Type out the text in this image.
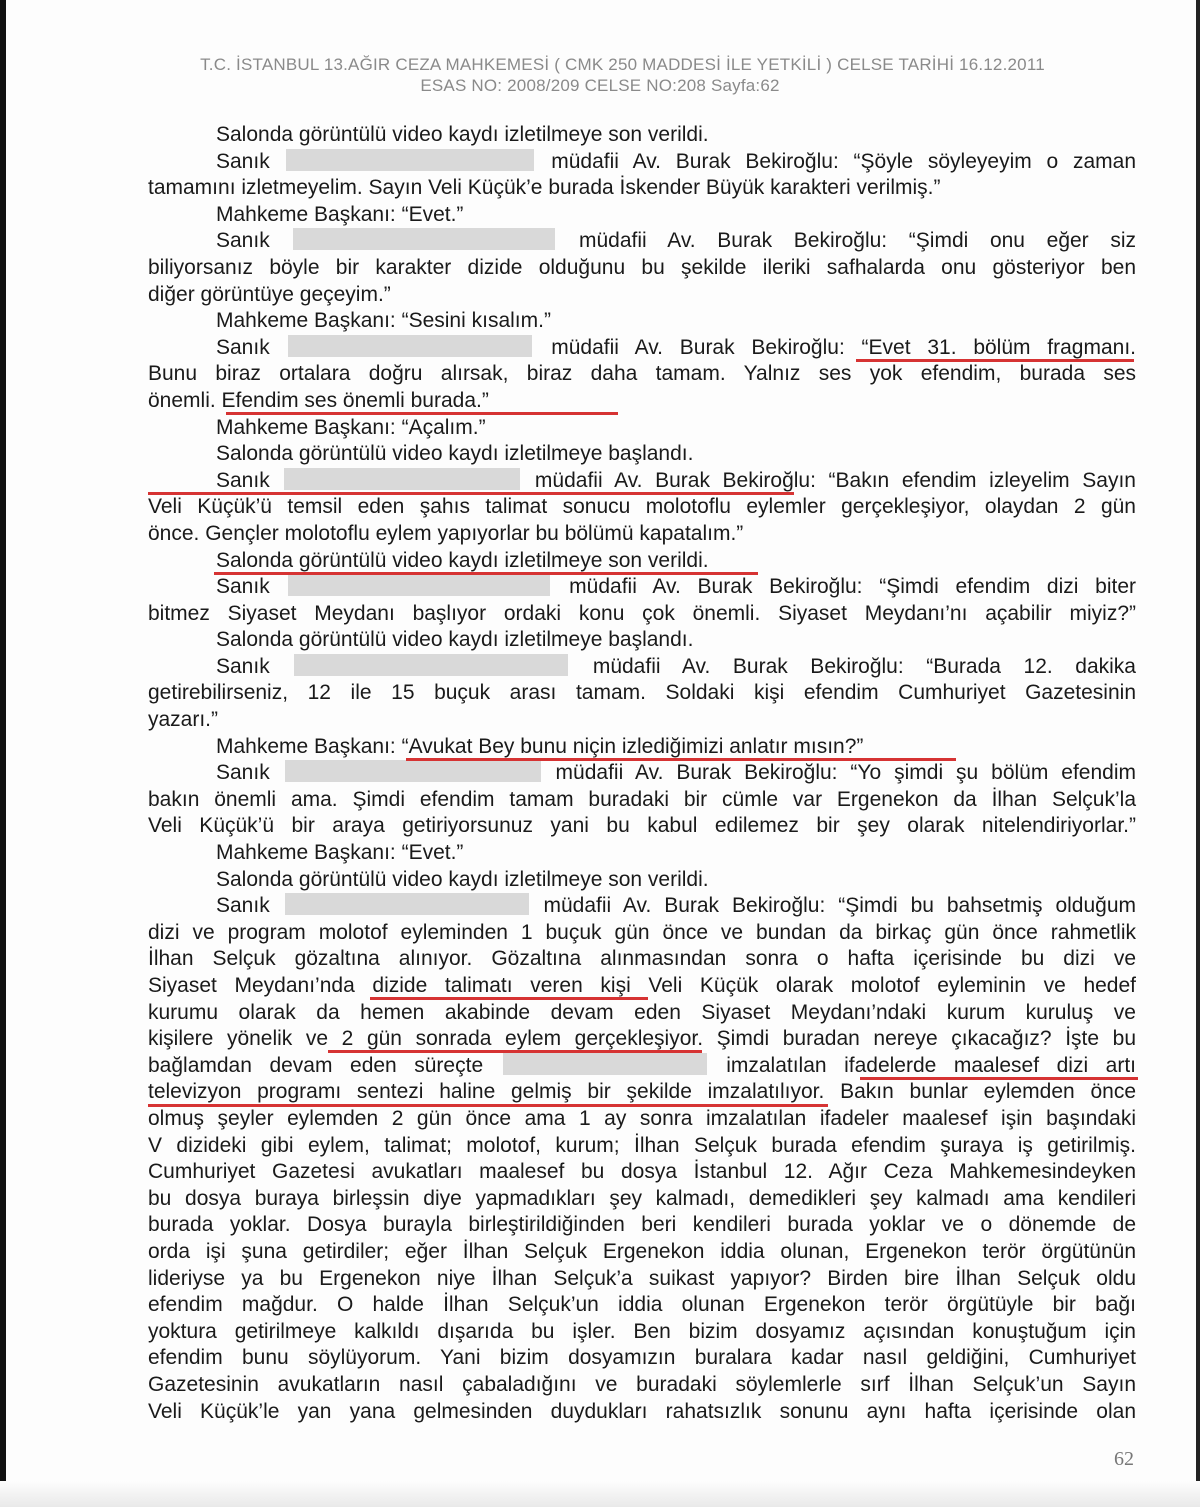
T.C. İSTANBUL 13.AĞIR CEZA MAHKEMESİ ( CMK 250 MADDESİ İLE YETKİLİ ) CELSE TARİHİ 16.12.2011
ESAS NO: 2008/209 CELSE NO:208 Sayfa:62
Salonda görüntülü video kaydı izletilmeye son verildi.
Sanık	müdafii Av. Burak Bekiroğlu: “Şöyle söyleyeyim o zaman
tamamını izletmeyelim. Sayın Veli Küçük’e burada İskender Büyük karakteri verilmiş.”
Mahkeme Başkanı: “Evet.”
Sanık	müdafii Av. Burak Bekiroğlu: “Şimdi onu eğer siz
biliyorsanız böyle bir karakter dizide olduğunu bu şekilde ileriki safhalarda onu gösteriyor ben
diğer görüntüye geçeyim.”
Mahkeme Başkanı: “Sesini kısalım.”
Sanık	müdafii Av. Burak Bekiroğlu: “Evet 31. bölüm fragmanı.
Bunu biraz ortalara doğru alırsak, biraz daha tamam. Yalnız ses yok efendim, burada ses
önemli. Efendim ses önemli burada.”
Mahkeme Başkanı: “Açalım.”
Salonda görüntülü video kaydı izletilmeye başlandı.
Sanık	müdafii Av. Burak Bekiroğlu: “Bakın efendim izleyelim Sayın
Veli Küçük’ü temsil eden şahıs talimat sonucu molotoflu eylemler gerçekleşiyor, olaydan 2 gün
önce. Gençler molotoflu eylem yapıyorlar bu bölümü kapatalım.”
Salonda görüntülü video kaydı izletilmeye son verildi.
Sanık	müdafii Av. Burak Bekiroğlu: “Şimdi efendim dizi biter
bitmez Siyaset Meydanı başlıyor ordaki konu çok önemli. Siyaset Meydanı’nı açabilir miyiz?”
Salonda görüntülü video kaydı izletilmeye başlandı.
Sanık	müdafii Av. Burak Bekiroğlu: “Burada 12. dakika
getirebilirseniz, 12 ile 15 buçuk arası tamam. Soldaki kişi efendim Cumhuriyet Gazetesinin
yazarı.”
Mahkeme Başkanı: “Avukat Bey bunu niçin izlediğimizi anlatır mısın?”
Sanık	müdafii Av. Burak Bekiroğlu: “Yo şimdi şu bölüm efendim
bakın önemli ama. Şimdi efendim tamam buradaki bir cümle var Ergenekon da İlhan Selçuk’la
Veli Küçük’ü bir araya getiriyorsunuz yani bu kabul edilemez bir şey olarak nitelendiriyorlar.”
Mahkeme Başkanı: “Evet.”
Salonda görüntülü video kaydı izletilmeye son verildi.
Sanık	müdafii Av. Burak Bekiroğlu: “Şimdi bu bahsetmiş olduğum
dizi ve program molotof eyleminden 1 buçuk gün önce ve bundan da birkaç gün önce rahmetlik
İlhan Selçuk gözaltına alınıyor. Gözaltına alınmasından sonra o hafta içerisinde bu dizi ve
Siyaset Meydanı’nda dizide talimatı veren kişi Veli Küçük olarak molotof eyleminin ve hedef
kurumu olarak da hemen akabinde devam eden Siyaset Meydanı’ndaki kurum kuruluş ve
kişilere yönelik ve 2 gün sonrada eylem gerçekleşiyor. Şimdi buradan nereye çıkacağız? İşte bu
bağlamdan devam eden süreçte	imzalatılan ifadelerde maalesef dizi artı
televizyon programı sentezi haline gelmiş bir şekilde imzalatılıyor. Bakın bunlar eylemden önce
olmuş şeyler eylemden 2 gün önce ama 1 ay sonra imzalatılan ifadeler maalesef işin başındaki
V dizideki gibi eylem, talimat; molotof, kurum; İlhan Selçuk burada efendim şuraya iş getirilmiş.
Cumhuriyet Gazetesi avukatları maalesef bu dosya İstanbul 12. Ağır Ceza Mahkemesindeyken
bu dosya buraya birleşsin diye yapmadıkları şey kalmadı, demedikleri şey kalmadı ama kendileri
burada yoklar. Dosya burayla birleştirildiğinden beri kendileri burada yoklar ve o dönemde de
orda işi şuna getirdiler; eğer İlhan Selçuk Ergenekon iddia olunan, Ergenekon terör örgütünün
lideriyse ya bu Ergenekon niye İlhan Selçuk’a suikast yapıyor? Birden bire İlhan Selçuk oldu
efendim mağdur. O halde İlhan Selçuk’un iddia olunan Ergenekon terör örgütüyle bir bağı
yoktura getirilmeye kalkıldı dışarıda bu işler. Ben bizim dosyamız açısından konuştuğum için
efendim bunu söylüyorum. Yani bizim dosyamızın buralara kadar nasıl geldiğini, Cumhuriyet
Gazetesinin avukatların nasıl çabaladığını ve buradaki söylemlerle sırf İlhan Selçuk’un Sayın
Veli Küçük’le yan yana gelmesinden duydukları rahatsızlık sonunu aynı hafta içerisinde olan
62
